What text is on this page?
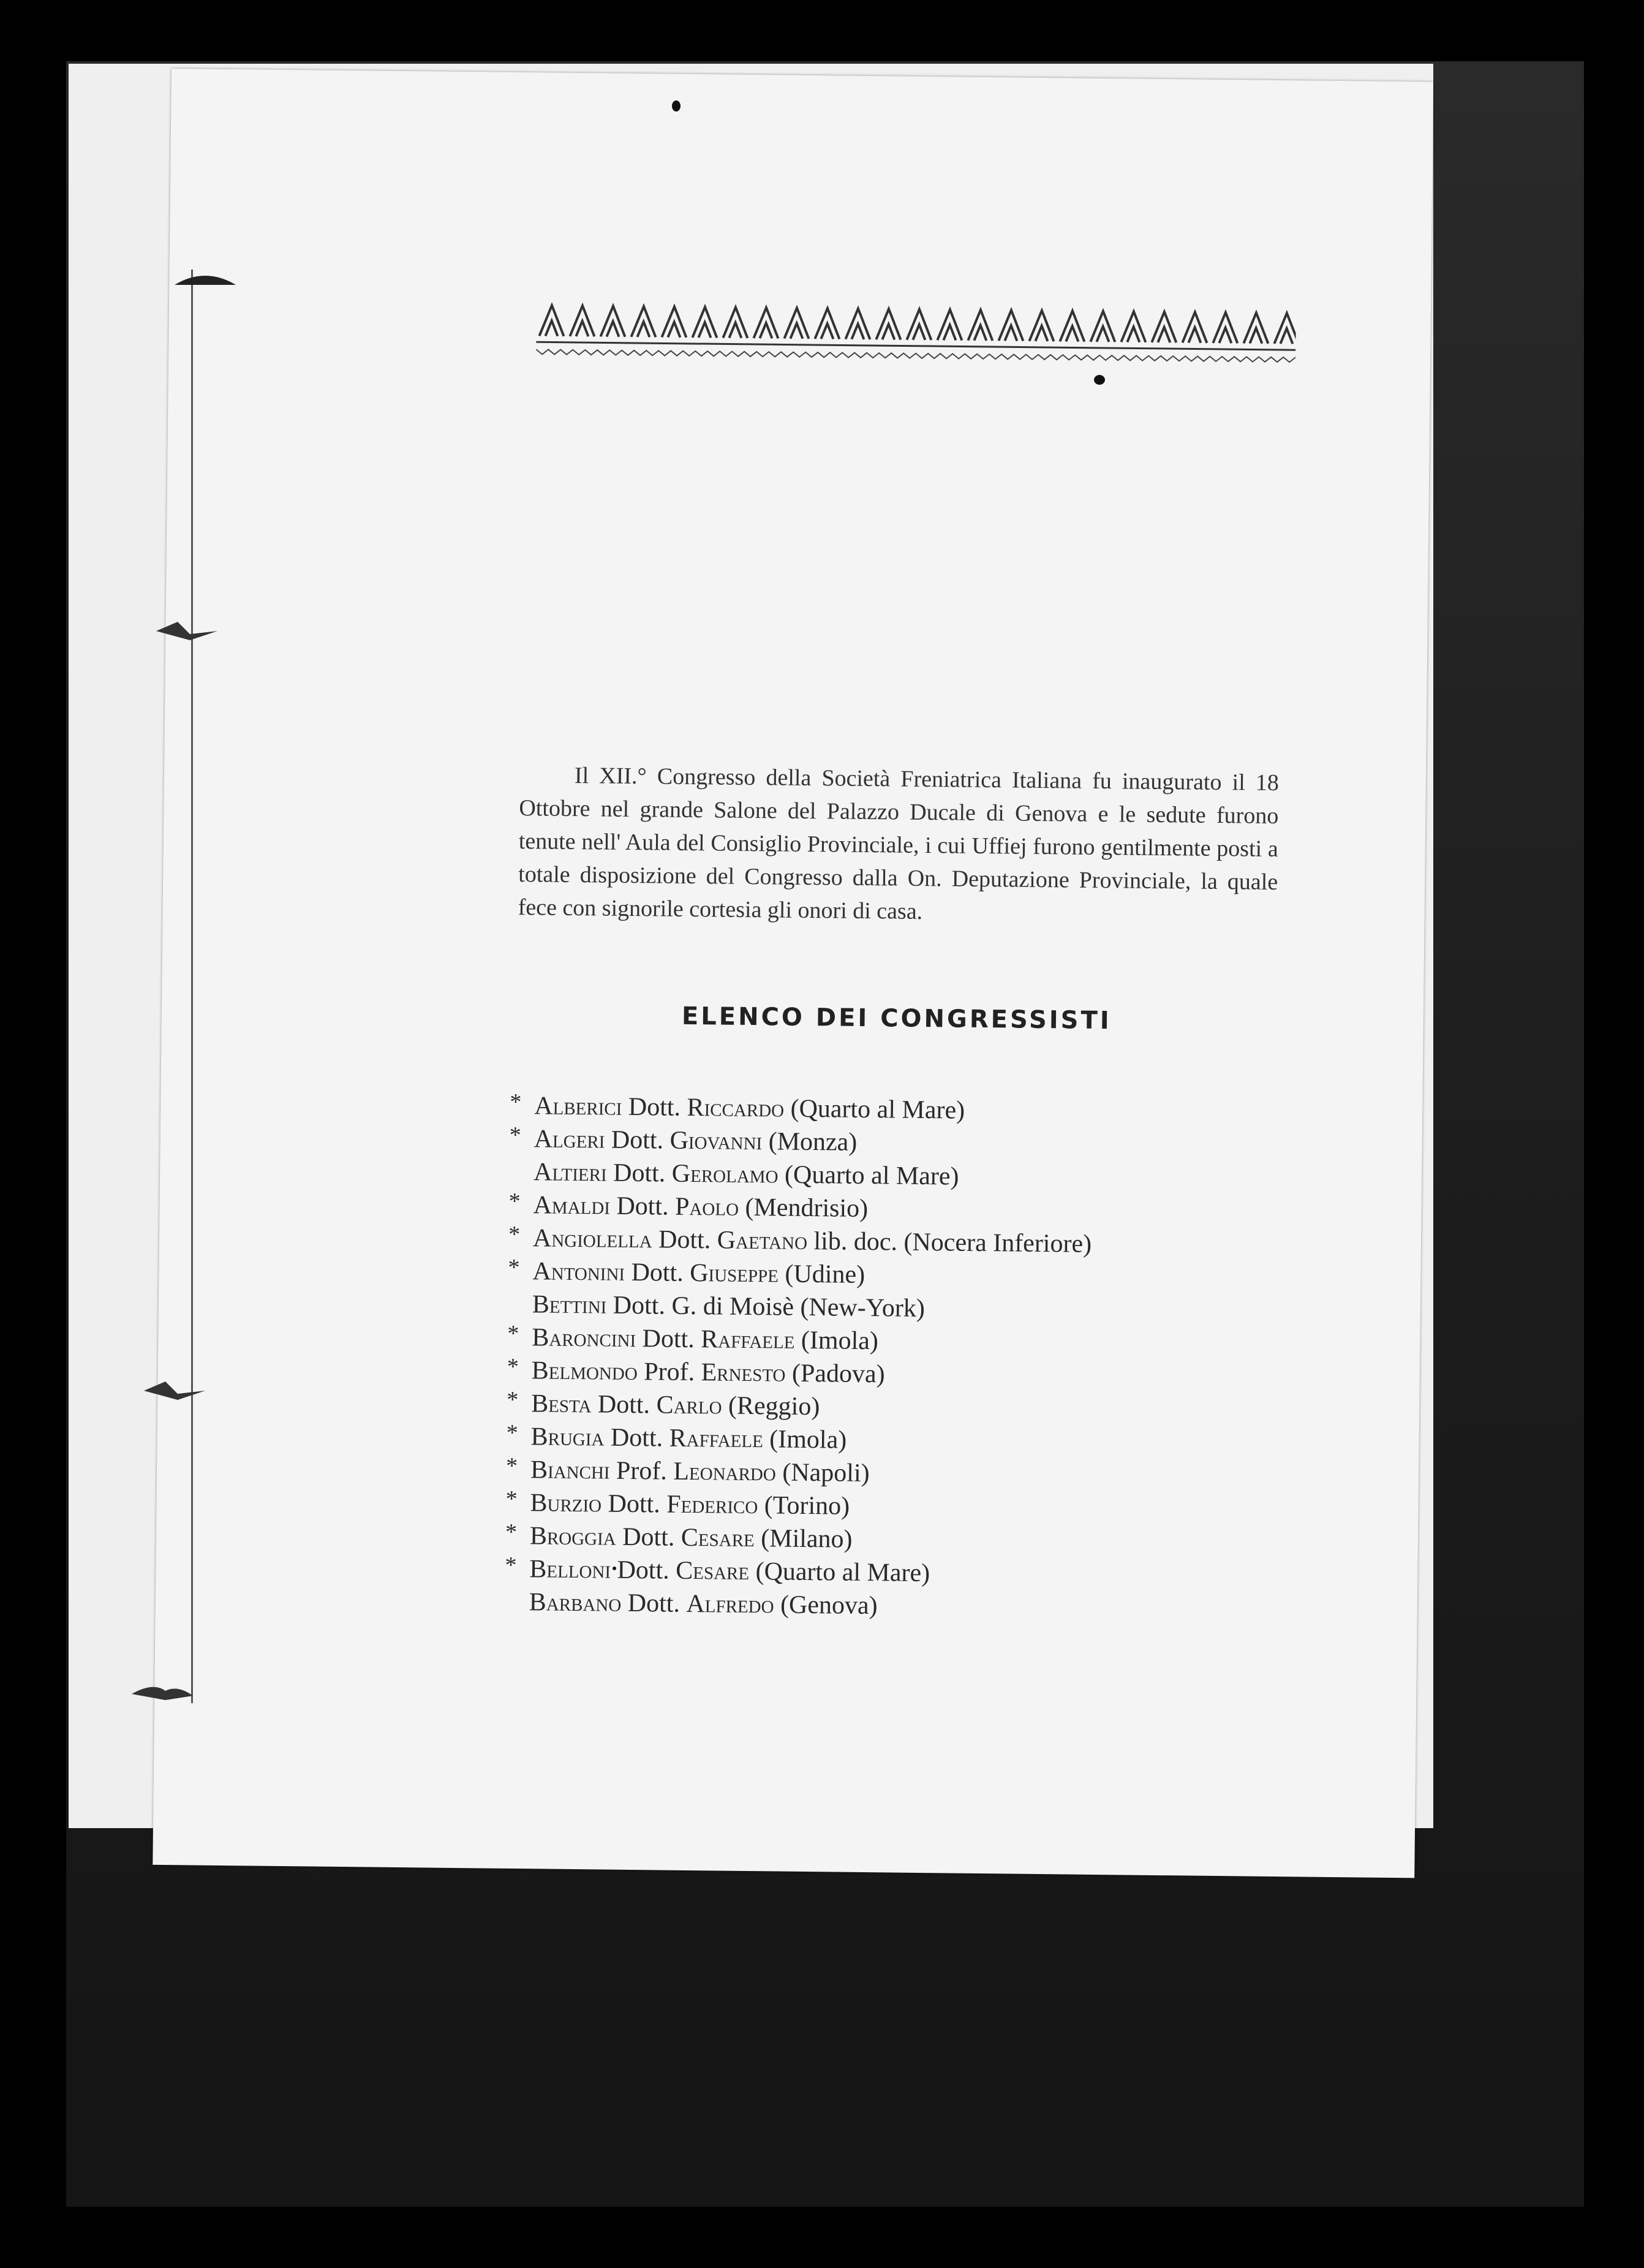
Il XII.° Congresso della Società Freniatrica Italiana fu inaugurato il 18 Ottobre nel grande Salone del Palazzo Ducale di Genova e le sedute furono tenute nell' Aula del Consiglio Provinciale, i cui Uffiej furono gentilmente posti a totale disposizione del Congresso dalla On. Deputazione Provinciale, la quale fece con signorile cortesia gli onori di casa.

ELENCO DEI CONGRESSISTI
* Alberici Dott. Riccardo (Quarto al Mare)
* Algeri Dott. Giovanni (Monza)
Altieri Dott. Gerolamo (Quarto al Mare)
* Amaldi Dott. Paolo (Mendrisio)
* Angiolella Dott. Gaetano lib. doc. (Nocera Inferiore)
* Antonini Dott. Giuseppe (Udine)
Bettini Dott. G. di Moisè (New-York)
* Baroncini Dott. Raffaele (Imola)
* Belmondo Prof. Ernesto (Padova)
* Besta Dott. Carlo (Reggio)
* Brugia Dott. Raffaele (Imola)
* Bianchi Prof. Leonardo (Napoli)
* Burzio Dott. Federico (Torino)
* Broggia Dott. Cesare (Milano)
* Belloni Dott. Cesare (Quarto al Mare)
Barbano Dott. Alfredo (Genova)
